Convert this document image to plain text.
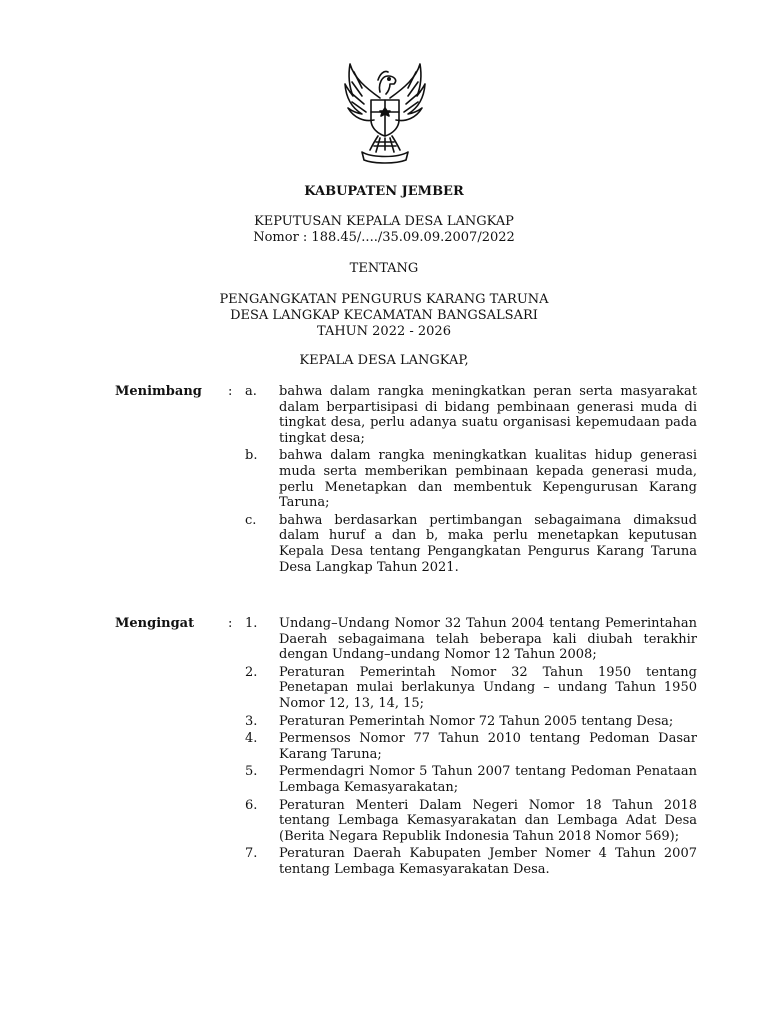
KABUPATEN JEMBER
KEPUTUSAN KEPALA DESA LANGKAP
Nomor : 188.45/..../35.09.09.2007/2022
TENTANG
PENGANGKATAN PENGURUS KARANG TARUNA
DESA LANGKAP KECAMATAN BANGSALSARI
TAHUN 2022 - 2026
KEPALA DESA LANGKAP,
Menimbang : a.	bahwa dalam rangka meningkatkan peran serta masyarakat dalam berpartisipasi di bidang pembinaan generasi muda di tingkat desa, perlu adanya suatu organisasi kepemudaan pada tingkat desa;
b.	bahwa dalam rangka meningkatkan kualitas hidup generasi muda serta memberikan pembinaan kepada generasi muda, perlu Menetapkan dan membentuk Kepengurusan Karang Taruna;
c.	bahwa berdasarkan pertimbangan sebagaimana dimaksud dalam huruf a dan b, maka perlu menetapkan keputusan Kepala Desa tentang Pengangkatan Pengurus Karang Taruna Desa Langkap Tahun 2021.
Mengingat	: 1.	Undang–Undang Nomor 32 Tahun 2004 tentang Pemerintahan Daerah sebagaimana telah beberapa kali diubah terakhir dengan Undang–undang Nomor 12 Tahun 2008;
2.	Peraturan Pemerintah Nomor 32 Tahun 1950 tentang Penetapan mulai berlakunya Undang – undang Tahun 1950 Nomor 12, 13, 14, 15;
3.	Peraturan Pemerintah Nomor 72 Tahun 2005 tentang Desa;
4.	Permensos Nomor 77 Tahun 2010 tentang Pedoman Dasar Karang Taruna;
5.	Permendagri Nomor 5 Tahun 2007 tentang Pedoman Penataan Lembaga Kemasyarakatan;
6.	Peraturan Menteri Dalam Negeri Nomor 18 Tahun 2018 tentang Lembaga Kemasyarakatan dan Lembaga Adat Desa (Berita Negara Republik Indonesia Tahun 2018 Nomor 569);
7.	Peraturan Daerah Kabupaten Jember Nomer 4 Tahun 2007 tentang Lembaga Kemasyarakatan Desa.
